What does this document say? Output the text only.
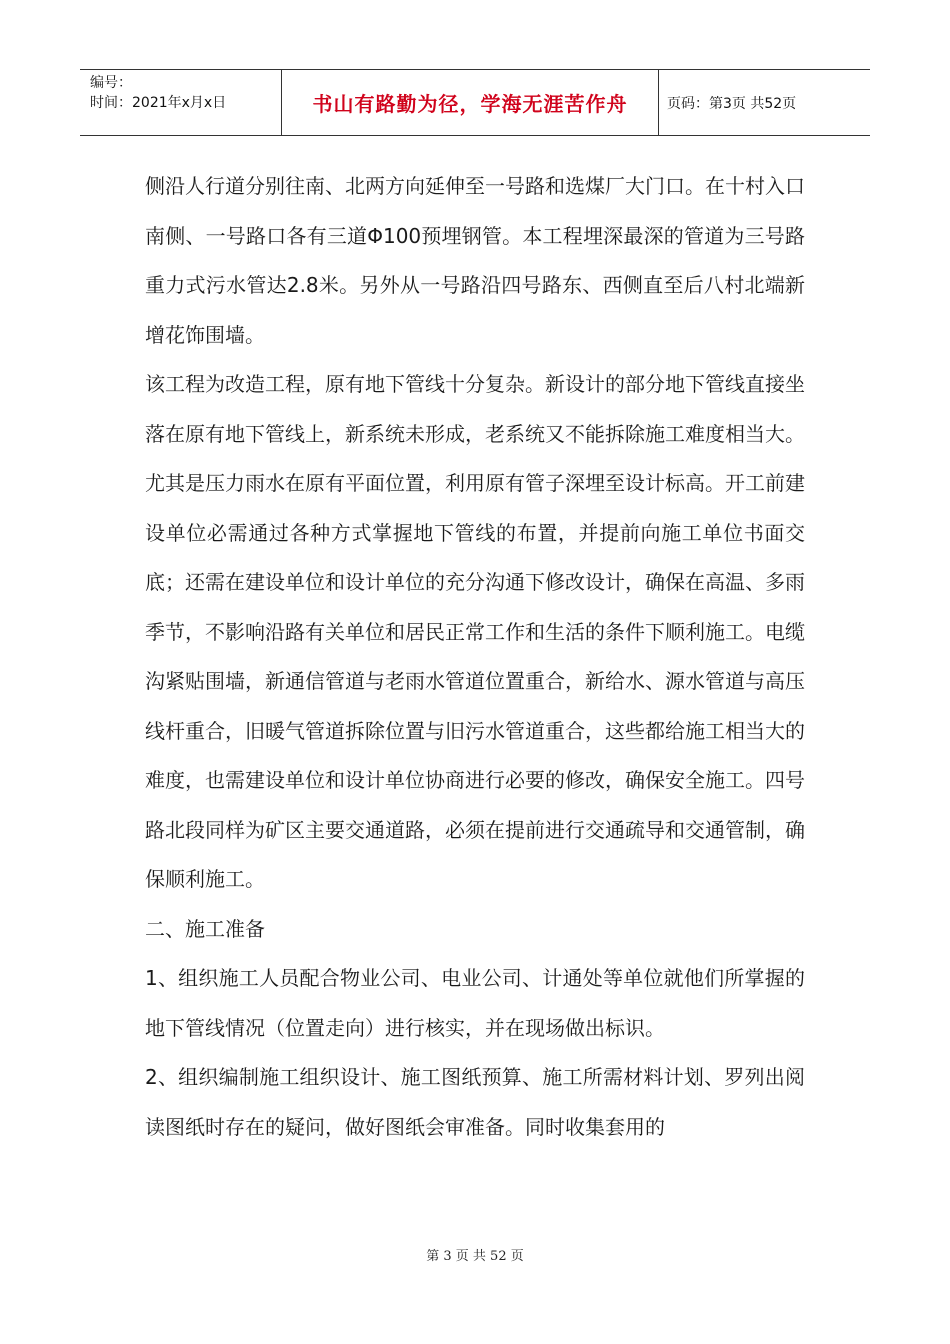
编号：
时间：2021年x月x日	书山有路勤为径，学海无涯苦作舟	页码：第3页 共52页

侧沿人行道分别往南、北两方向延伸至一号路和选煤厂大门口。在十村入口南侧、一号路口各有三道Φ100预埋钢管。本工程埋深最深的管道为三号路重力式污水管达2.8米。另外从一号路沿四号路东、西侧直至后八村北端新增花饰围墙。

该工程为改造工程，原有地下管线十分复杂。新设计的部分地下管线直接坐落在原有地下管线上，新系统未形成，老系统又不能拆除施工难度相当大。尤其是压力雨水在原有平面位置，利用原有管子深埋至设计标高。开工前建设单位必需通过各种方式掌握地下管线的布置，并提前向施工单位书面交底；还需在建设单位和设计单位的充分沟通下修改设计，确保在高温、多雨季节，不影响沿路有关单位和居民正常工作和生活的条件下顺利施工。电缆沟紧贴围墙，新通信管道与老雨水管道位置重合，新给水、源水管道与高压线杆重合，旧暖气管道拆除位置与旧污水管道重合，这些都给施工相当大的难度，也需建设单位和设计单位协商进行必要的修改，确保安全施工。四号路北段同样为矿区主要交通道路，必须在提前进行交通疏导和交通管制，确保顺利施工。

二、施工准备

1、组织施工人员配合物业公司、电业公司、计通处等单位就他们所掌握的地下管线情况（位置走向）进行核实，并在现场做出标识。

2、组织编制施工组织设计、施工图纸预算、施工所需材料计划、罗列出阅读图纸时存在的疑问，做好图纸会审准备。同时收集套用的

第 3 页 共 52 页
